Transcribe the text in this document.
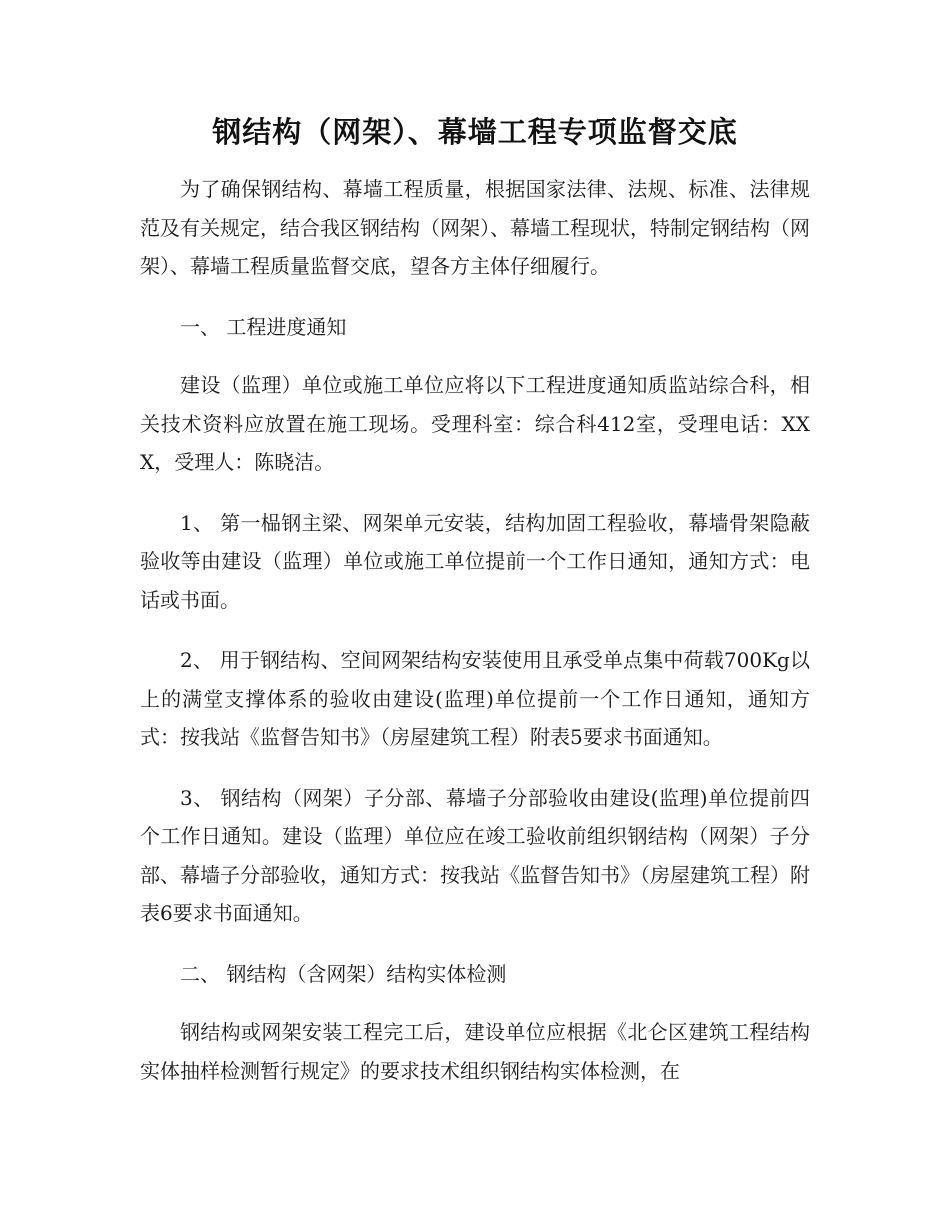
钢结构（网架）、幕墙工程专项监督交底

为了确保钢结构、幕墙工程质量，根据国家法律、法规、标准、法律规范及有关规定，结合我区钢结构（网架）、幕墙工程现状，特制定钢结构（网架）、幕墙工程质量监督交底，望各方主体仔细履行。

一、 工程进度通知

建设（监理）单位或施工单位应将以下工程进度通知质监站综合科，相关技术资料应放置在施工现场。受理科室：综合科412室，受理电话：XXX，受理人：陈晓洁。

1、 第一榀钢主梁、网架单元安装，结构加固工程验收，幕墙骨架隐蔽验收等由建设（监理）单位或施工单位提前一个工作日通知，通知方式：电话或书面。

2、 用于钢结构、空间网架结构安装使用且承受单点集中荷载700Kg以上的满堂支撑体系的验收由建设(监理)单位提前一个工作日通知，通知方式：按我站《监督告知书》（房屋建筑工程）附表5要求书面通知。

3、 钢结构（网架）子分部、幕墙子分部验收由建设(监理)单位提前四个工作日通知。建设（监理）单位应在竣工验收前组织钢结构（网架）子分部、幕墙子分部验收，通知方式：按我站《监督告知书》（房屋建筑工程）附表6要求书面通知。

二、 钢结构（含网架）结构实体检测

钢结构或网架安装工程完工后，建设单位应根据《北仑区建筑工程结构实体抽样检测暂行规定》的要求技术组织钢结构实体检测，在
